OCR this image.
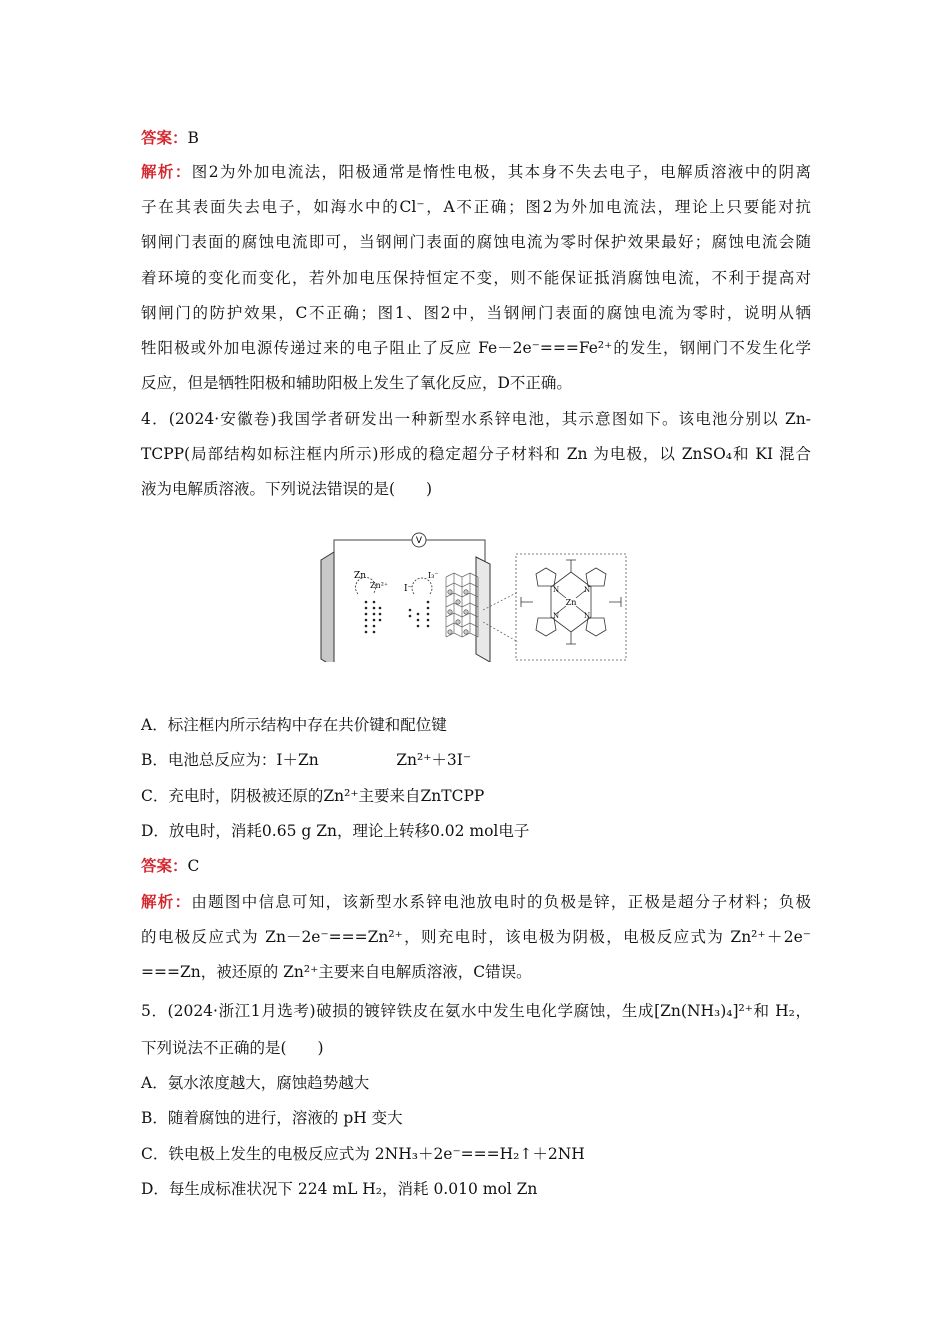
答案：B
解析：图2为外加电流法，阳极通常是惰性电极，其本身不失去电子，电解质溶液中的阴离
子在其表面失去电子，如海水中的Cl⁻，A不正确；图2为外加电流法，理论上只要能对抗
钢闸门表面的腐蚀电流即可，当钢闸门表面的腐蚀电流为零时保护效果最好；腐蚀电流会随
着环境的变化而变化，若外加电压保持恒定不变，则不能保证抵消腐蚀电流，不利于提高对
钢闸门的防护效果，C不正确；图1、图2中，当钢闸门表面的腐蚀电流为零时，说明从牺
牲阳极或外加电源传递过来的电子阻止了反应 Fe－2e⁻===Fe²⁺的发生，钢闸门不发生化学
反应，但是牺牲阳极和辅助阳极上发生了氧化反应，D不正确。
4．(2024·安徽卷)我国学者研发出一种新型水系锌电池，其示意图如下。该电池分别以 Zn-
TCPP(局部结构如标注框内所示)形成的稳定超分子材料和 Zn 为电极，以 ZnSO₄和 KI 混合
液为电解质溶液。下列说法错误的是(　　)
V
Zn
Zn²⁺ I⁻
I₃⁻
N	N
N	N
Zn
A．标注框内所示结构中存在共价键和配位键
B．电池总反应为：I＋Zn　　　　　Zn²⁺＋3I⁻
C．充电时，阴极被还原的Zn²⁺主要来自ZnTCPP
D．放电时，消耗0.65 g Zn，理论上转移0.02 mol电子
答案：C
解析：由题图中信息可知，该新型水系锌电池放电时的负极是锌，正极是超分子材料；负极
的电极反应式为 Zn－2e⁻===Zn²⁺，则充电时，该电极为阴极，电极反应式为 Zn²⁺＋2e⁻
===Zn，被还原的 Zn²⁺主要来自电解质溶液，C错误。
5．(2024·浙江1月选考)破损的镀锌铁皮在氨水中发生电化学腐蚀，生成[Zn(NH₃)₄]²⁺和 H₂，
下列说法不正确的是(　　)
A．氨水浓度越大，腐蚀趋势越大
B．随着腐蚀的进行，溶液的 pH 变大
C．铁电极上发生的电极反应式为 2NH₃＋2e⁻===H₂↑＋2NH
D．每生成标准状况下 224 mL H₂，消耗 0.010 mol Zn
